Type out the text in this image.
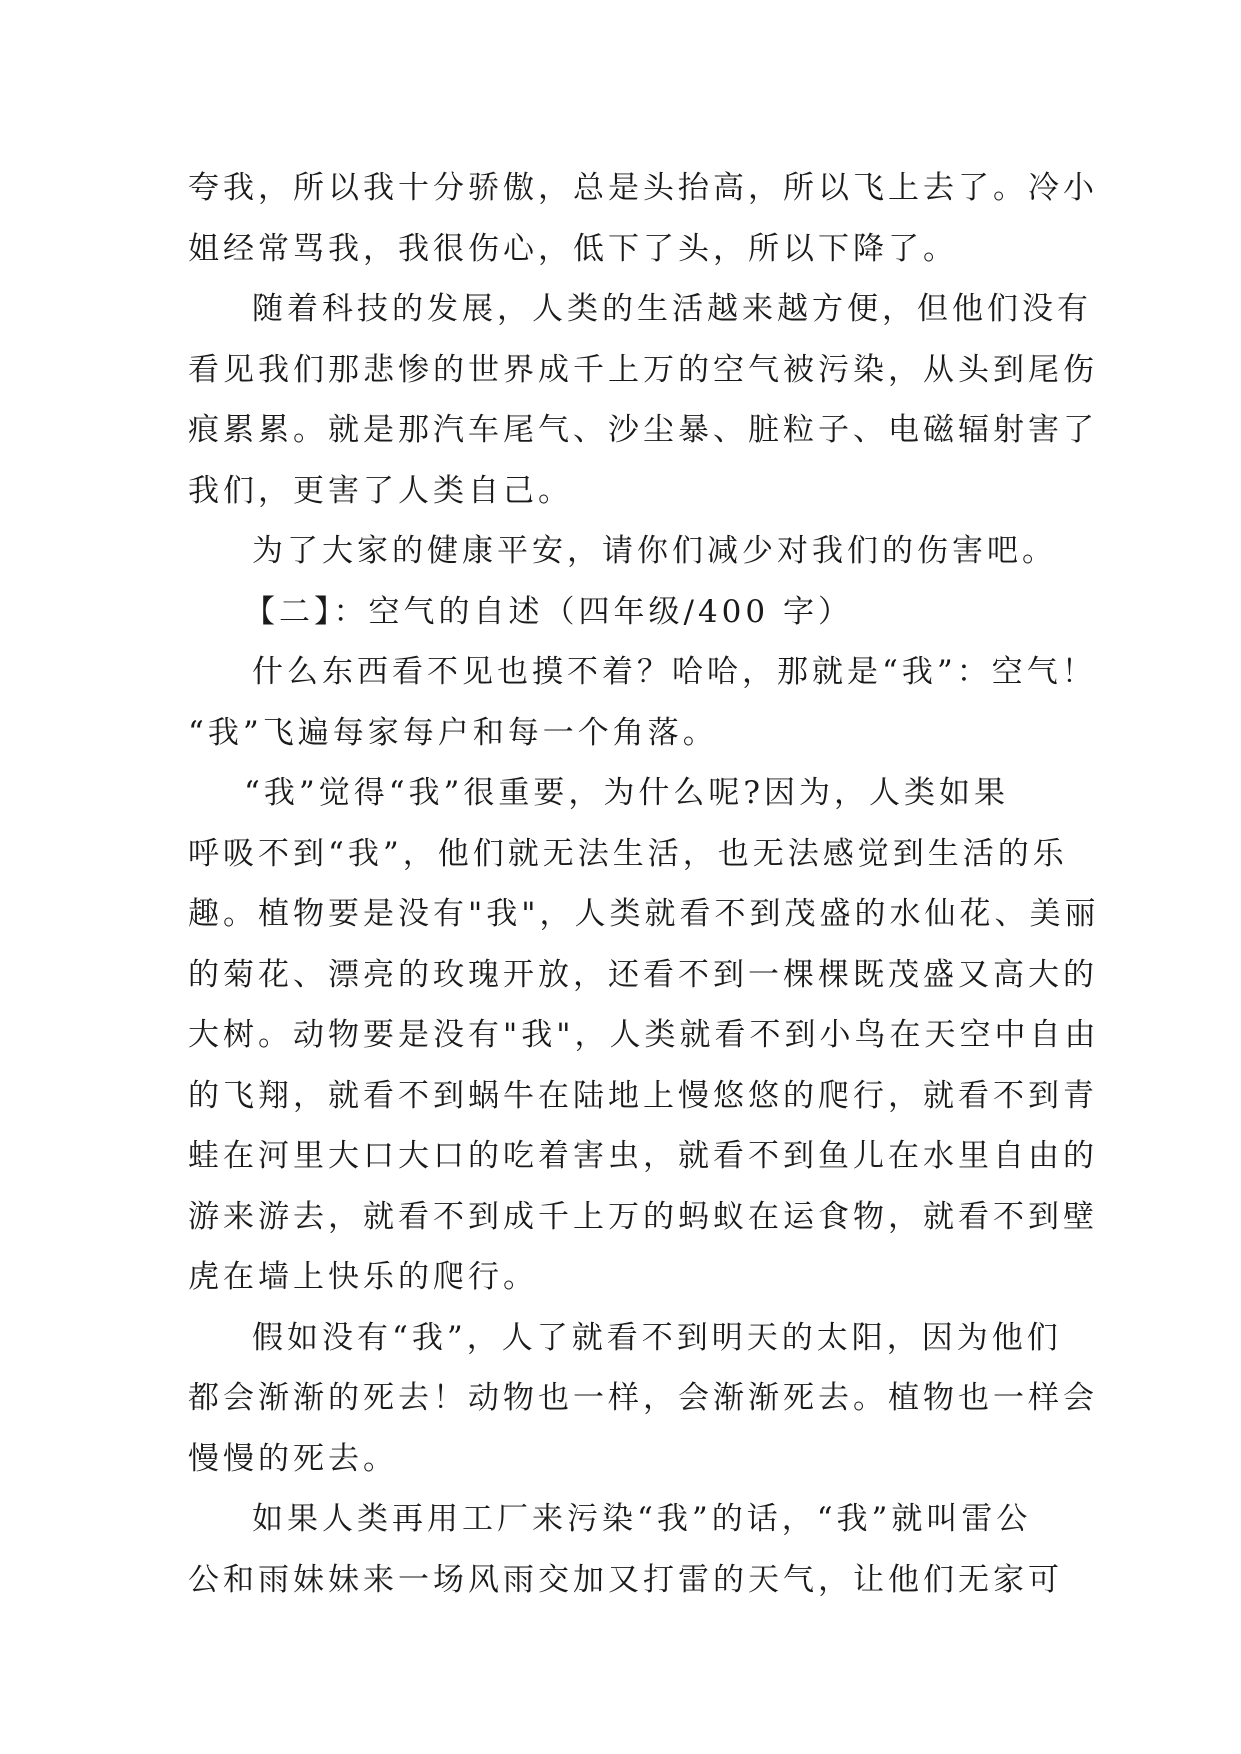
夸我，所以我十分骄傲，总是头抬高，所以飞上去了。冷小
姐经常骂我，我很伤心，低下了头，所以下降了。
随着科技的发展，人类的生活越来越方便，但他们没有
看见我们那悲惨的世界成千上万的空气被污染，从头到尾伤
痕累累。就是那汽车尾气、沙尘暴、脏粒子、电磁辐射害了
我们，更害了人类自己。
为了大家的健康平安，请你们减少对我们的伤害吧。
【二】：空气的自述（四年级/400 字）
什么东西看不见也摸不着？哈哈，那就是“我”：空气！
“我”飞遍每家每户和每一个角落。
“我”觉得“我”很重要，为什么呢?因为，人类如果
呼吸不到“我”，他们就无法生活，也无法感觉到生活的乐
趣。植物要是没有"我"，人类就看不到茂盛的水仙花、美丽
的菊花、漂亮的玫瑰开放，还看不到一棵棵既茂盛又高大的
大树。动物要是没有"我"，人类就看不到小鸟在天空中自由
的飞翔，就看不到蜗牛在陆地上慢悠悠的爬行，就看不到青
蛙在河里大口大口的吃着害虫，就看不到鱼儿在水里自由的
游来游去，就看不到成千上万的蚂蚁在运食物，就看不到壁
虎在墙上快乐的爬行。
假如没有“我”，人了就看不到明天的太阳，因为他们
都会渐渐的死去！动物也一样，会渐渐死去。植物也一样会
慢慢的死去。
如果人类再用工厂来污染“我”的话，“我”就叫雷公
公和雨妹妹来一场风雨交加又打雷的天气，让他们无家可
